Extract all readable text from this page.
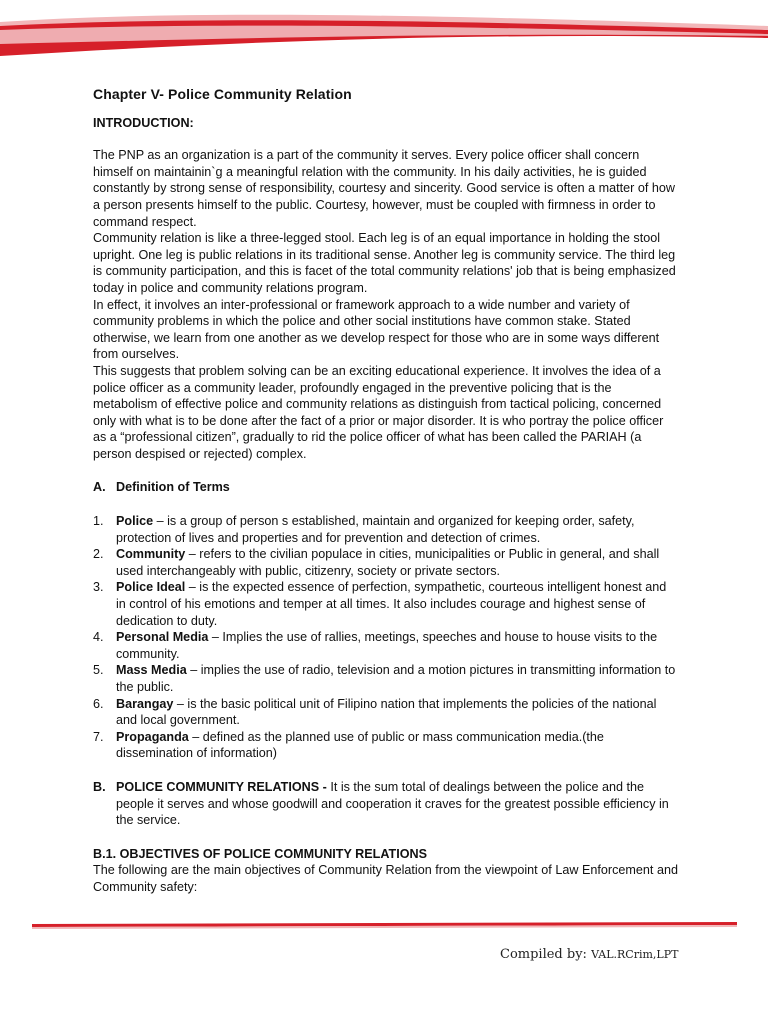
Chapter V- Police Community Relation
INTRODUCTION:

The PNP as an organization is a part of the community it serves. Every police officer shall concern himself on maintainin`g a meaningful relation with the community. In his daily activities, he is guided constantly by strong sense of responsibility, courtesy and sincerity. Good service is often a matter of how a person presents himself to the public. Courtesy, however, must be coupled with firmness in order to command respect.

Community relation is like a three-legged stool. Each leg is of an equal importance in holding the stool upright. One leg is public relations in its traditional sense. Another leg is community service. The third leg is community participation, and this is facet of the total community relations' job that is being emphasized today in police and community relations program.

In effect, it involves an inter-professional or framework approach to a wide number and variety of community problems in which the police and other social institutions have common stake. Stated otherwise, we learn from one another as we develop respect for those who are in some ways different from ourselves.

This suggests that problem solving can be an exciting educational experience. It involves the idea of a police officer as a community leader, profoundly engaged in the preventive policing that is the metabolism of effective police and community relations as distinguish from tactical policing, concerned only with what is to be done after the fact of a prior or major disorder. It is who portray the police officer as a “professional citizen”, gradually to rid the police officer of what has been called the PARIAH (a person despised or rejected) complex.

A. Definition of Terms
1. Police – is a group of person s established, maintain and organized for keeping order, safety, protection of lives and properties and for prevention and detection of crimes.
2. Community – refers to the civilian populace in cities, municipalities or Public in general, and shall used interchangeably with public, citizenry, society or private sectors.
3. Police Ideal – is the expected essence of perfection, sympathetic, courteous intelligent honest and in control of his emotions and temper at all times. It also includes courage and highest sense of dedication to duty.
4. Personal Media – Implies the use of rallies, meetings, speeches and house to house visits to the community.
5. Mass Media – implies the use of radio, television and a motion pictures in transmitting information to the public.
6. Barangay – is the basic political unit of Filipino nation that implements the policies of the national and local government.
7. Propaganda – defined as the planned use of public or mass communication media.(the dissemination of information)
B. POLICE COMMUNITY RELATIONS - It is the sum total of dealings between the police and the people it serves and whose goodwill and cooperation it craves for the greatest possible efficiency in the service.
B.1. OBJECTIVES OF POLICE COMMUNITY RELATIONS
The following are the main objectives of Community Relation from the viewpoint of Law Enforcement and Community safety:
Compiled by: VAL.RCrim,LPT
